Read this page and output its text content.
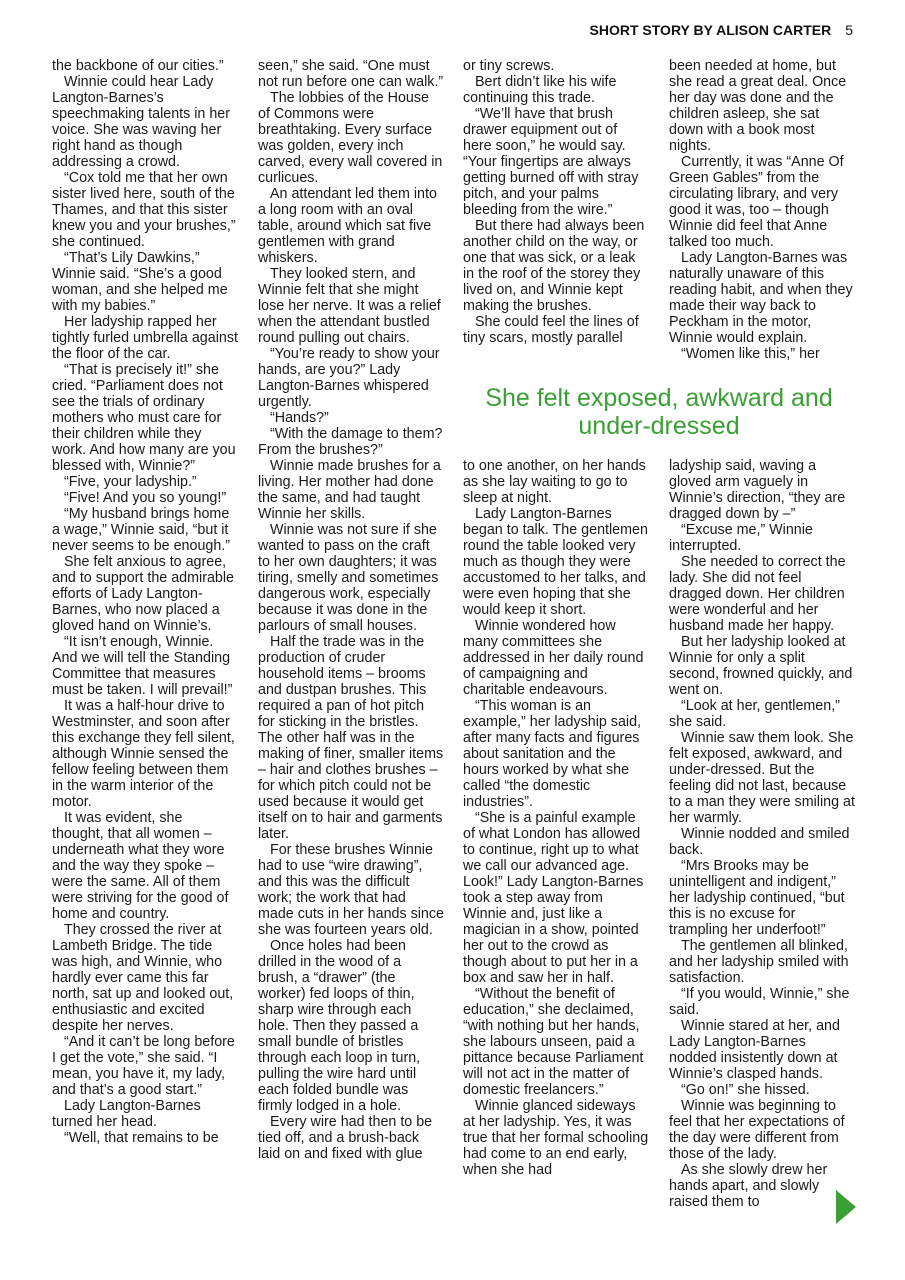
SHORT STORY BY ALISON CARTER 5

the backbone of our cities.”

Winnie could hear Lady Langton-Barnes’s speechmaking talents in her voice. She was waving her right hand as though addressing a crowd.

“Cox told me that her own sister lived here, south of the Thames, and that this sister knew you and your brushes,” she continued.

“That’s Lily Dawkins,” Winnie said. “She’s a good woman, and she helped me with my babies.”

Her ladyship rapped her tightly furled umbrella against the floor of the car.

“That is precisely it!” she cried. “Parliament does not see the trials of ordinary mothers who must care for their children while they work. And how many are you blessed with, Winnie?”

“Five, your ladyship.”

“Five! And you so young!”

“My husband brings home a wage,” Winnie said, “but it never seems to be enough.”

She felt anxious to agree, and to support the admirable efforts of Lady Langton-Barnes, who now placed a gloved hand on Winnie’s.

“It isn’t enough, Winnie. And we will tell the Standing Committee that measures must be taken. I will prevail!”

It was a half-hour drive to Westminster, and soon after this exchange they fell silent, although Winnie sensed the fellow feeling between them in the warm interior of the motor.

It was evident, she thought, that all women – underneath what they wore and the way they spoke – were the same. All of them were striving for the good of home and country.

They crossed the river at Lambeth Bridge. The tide was high, and Winnie, who hardly ever came this far north, sat up and looked out, enthusiastic and excited despite her nerves.

“And it can’t be long before I get the vote,” she said. “I mean, you have it, my lady, and that’s a good start.”

Lady Langton-Barnes turned her head.

“Well, that remains to be

seen,” she said. “One must not run before one can walk.”

The lobbies of the House of Commons were breathtaking. Every surface was golden, every inch carved, every wall covered in curlicues.

An attendant led them into a long room with an oval table, around which sat five gentlemen with grand whiskers.

They looked stern, and Winnie felt that she might lose her nerve. It was a relief when the attendant bustled round pulling out chairs.

“You’re ready to show your hands, are you?” Lady Langton-Barnes whispered urgently.

“Hands?”

“With the damage to them? From the brushes?”

Winnie made brushes for a living. Her mother had done the same, and had taught Winnie her skills.

Winnie was not sure if she wanted to pass on the craft to her own daughters; it was tiring, smelly and sometimes dangerous work, especially because it was done in the parlours of small houses.

Half the trade was in the production of cruder household items – brooms and dustpan brushes. This required a pan of hot pitch for sticking in the bristles. The other half was in the making of finer, smaller items – hair and clothes brushes – for which pitch could not be used because it would get itself on to hair and garments later.

For these brushes Winnie had to use “wire drawing”, and this was the difficult work; the work that had made cuts in her hands since she was fourteen years old.

Once holes had been drilled in the wood of a brush, a “drawer” (the worker) fed loops of thin, sharp wire through each hole. Then they passed a small bundle of bristles through each loop in turn, pulling the wire hard until each folded bundle was firmly lodged in a hole.

Every wire had then to be tied off, and a brush-back laid on and fixed with glue

or tiny screws.

Bert didn’t like his wife continuing this trade.

“We’ll have that brush drawer equipment out of here soon,” he would say. “Your fingertips are always getting burned off with stray pitch, and your palms bleeding from the wire.”

But there had always been another child on the way, or one that was sick, or a leak in the roof of the storey they lived on, and Winnie kept making the brushes.

She could feel the lines of tiny scars, mostly parallel

been needed at home, but she read a great deal. Once her day was done and the children asleep, she sat down with a book most nights.

Currently, it was “Anne Of Green Gables” from the circulating library, and very good it was, too – though Winnie did feel that Anne talked too much.

Lady Langton-Barnes was naturally unaware of this reading habit, and when they made their way back to Peckham in the motor, Winnie would explain.

“Women like this,” her

She felt exposed, awkward and under-dressed

to one another, on her hands as she lay waiting to go to sleep at night.

Lady Langton-Barnes began to talk. The gentlemen round the table looked very much as though they were accustomed to her talks, and were even hoping that she would keep it short.

Winnie wondered how many committees she addressed in her daily round of campaigning and charitable endeavours.

“This woman is an example,” her ladyship said, after many facts and figures about sanitation and the hours worked by what she called “the domestic industries”.

“She is a painful example of what London has allowed to continue, right up to what we call our advanced age. Look!” Lady Langton-Barnes took a step away from Winnie and, just like a magician in a show, pointed her out to the crowd as though about to put her in a box and saw her in half.

“Without the benefit of education,” she declaimed, “with nothing but her hands, she labours unseen, paid a pittance because Parliament will not act in the matter of domestic freelancers.”

Winnie glanced sideways at her ladyship. Yes, it was true that her formal schooling had come to an end early, when she had

ladyship said, waving a gloved arm vaguely in Winnie’s direction, “they are dragged down by –”

“Excuse me,” Winnie interrupted.

She needed to correct the lady. She did not feel dragged down. Her children were wonderful and her husband made her happy.

But her ladyship looked at Winnie for only a split second, frowned quickly, and went on.

“Look at her, gentlemen,” she said.

Winnie saw them look. She felt exposed, awkward, and under-dressed. But the feeling did not last, because to a man they were smiling at her warmly.

Winnie nodded and smiled back.

“Mrs Brooks may be unintelligent and indigent,” her ladyship continued, “but this is no excuse for trampling her underfoot!”

The gentlemen all blinked, and her ladyship smiled with satisfaction.

“If you would, Winnie,” she said.

Winnie stared at her, and Lady Langton-Barnes nodded insistently down at Winnie’s clasped hands.

“Go on!” she hissed.

Winnie was beginning to feel that her expectations of the day were different from those of the lady.

As she slowly drew her hands apart, and slowly raised them to
